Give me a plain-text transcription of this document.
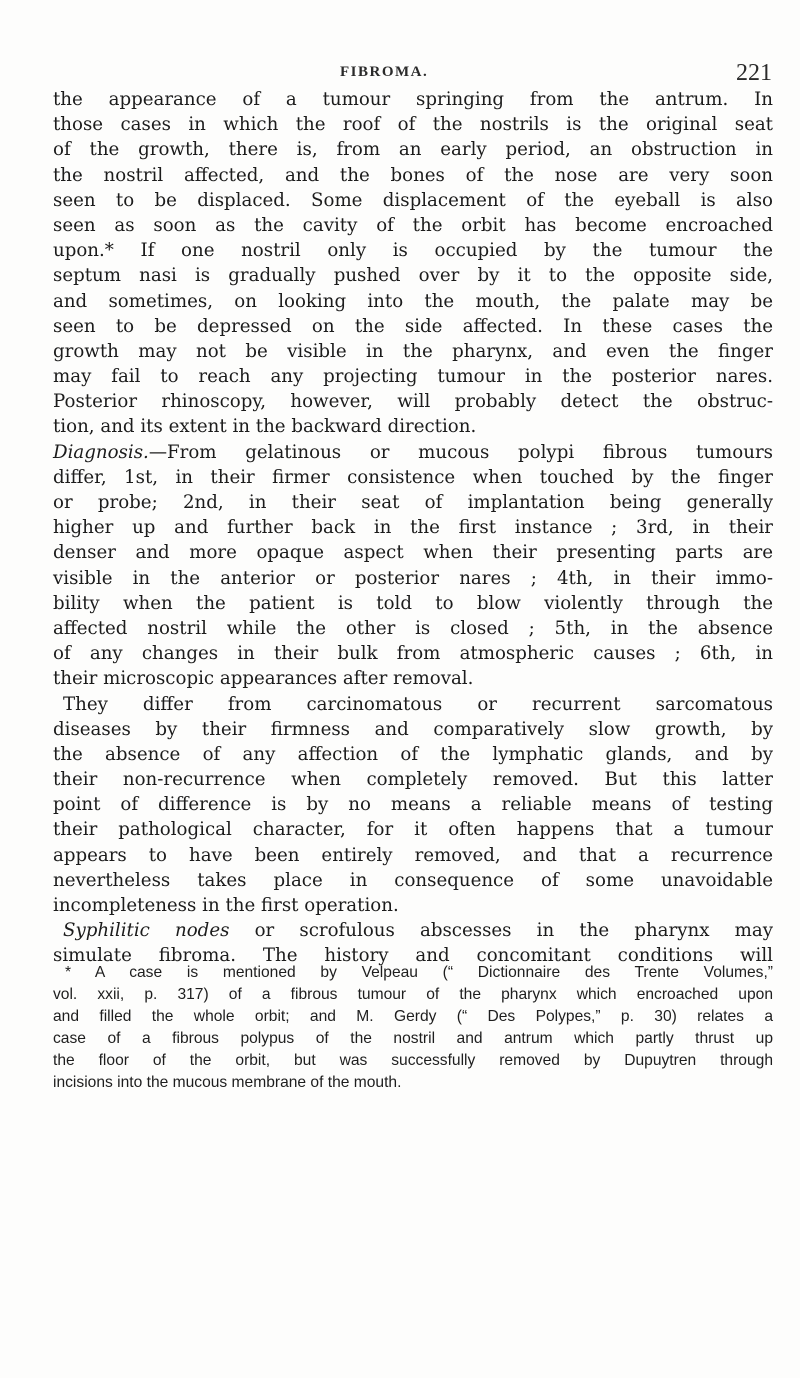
FIBROMA.	221
the appearance of a tumour springing from the antrum. In
those cases in which the roof of the nostrils is the original seat
of the growth, there is, from an early period, an obstruction in
the nostril affected, and the bones of the nose are very soon
seen to be displaced. Some displacement of the eyeball is also
seen as soon as the cavity of the orbit has become encroached
upon.* If one nostril only is occupied by the tumour the
septum nasi is gradually pushed over by it to the opposite side,
and sometimes, on looking into the mouth, the palate may be
seen to be depressed on the side affected. In these cases the
growth may not be visible in the pharynx, and even the finger
may fail to reach any projecting tumour in the posterior nares.
Posterior rhinoscopy, however, will probably detect the obstruc-
tion, and its extent in the backward direction.
Diagnosis.—From gelatinous or mucous polypi fibrous tumours
differ, 1st, in their firmer consistence when touched by the finger
or probe; 2nd, in their seat of implantation being generally
higher up and further back in the first instance ; 3rd, in their
denser and more opaque aspect when their presenting parts are
visible in the anterior or posterior nares ; 4th, in their immo-
bility when the patient is told to blow violently through the
affected nostril while the other is closed ; 5th, in the absence
of any changes in their bulk from atmospheric causes ; 6th, in
their microscopic appearances after removal.
They differ from carcinomatous or recurrent sarcomatous
diseases by their firmness and comparatively slow growth, by
the absence of any affection of the lymphatic glands, and by
their non-recurrence when completely removed. But this latter
point of difference is by no means a reliable means of testing
their pathological character, for it often happens that a tumour
appears to have been entirely removed, and that a recurrence
nevertheless takes place in consequence of some unavoidable
incompleteness in the first operation.
Syphilitic nodes or scrofulous abscesses in the pharynx may
simulate fibroma. The history and concomitant conditions will
* A case is mentioned by Velpeau (“ Dictionnaire des Trente Volumes,”
vol. xxii, p. 317) of a fibrous tumour of the pharynx which encroached upon
and filled the whole orbit; and M. Gerdy (“ Des Polypes,” p. 30) relates a
case of a fibrous polypus of the nostril and antrum which partly thrust up
the floor of the orbit, but was successfully removed by Dupuytren through
incisions into the mucous membrane of the mouth.
